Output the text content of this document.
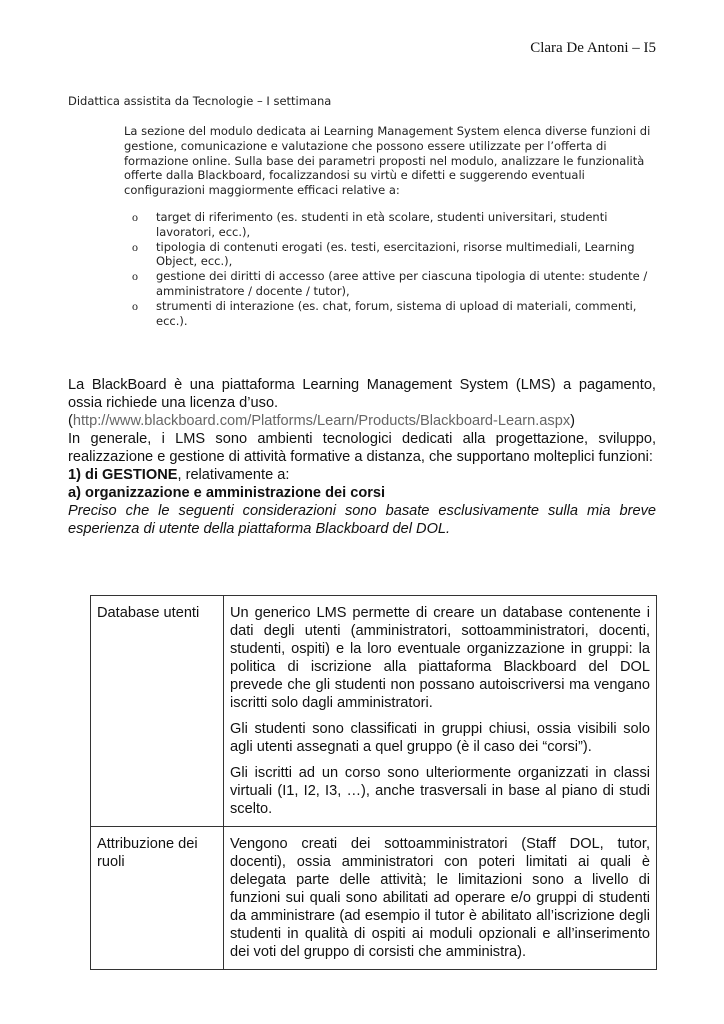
Clara De Antoni – I5
Didattica assistita da Tecnologie – I settimana

La sezione del modulo dedicata ai Learning Management System elenca diverse funzioni di gestione, comunicazione e valutazione che possono essere utilizzate per l’offerta di formazione online. Sulla base dei parametri proposti nel modulo, analizzare le funzionalità offerte dalla Blackboard, focalizzandosi su virtù e difetti e suggerendo eventuali configurazioni maggiormente efficaci relative a:

o target di riferimento (es. studenti in età scolare, studenti universitari, studenti lavoratori, ecc.),
o tipologia di contenuti erogati (es. testi, esercitazioni, risorse multimediali, Learning Object, ecc.),
o gestione dei diritti di accesso (aree attive per ciascuna tipologia di utente: studente / amministratore / docente / tutor),
o strumenti di interazione (es. chat, forum, sistema di upload di materiali, commenti, ecc.).

La BlackBoard è una piattaforma Learning Management System (LMS) a pagamento, ossia richiede una licenza d’uso.

(http://www.blackboard.com/Platforms/Learn/Products/Blackboard-Learn.aspx)

In generale, i LMS sono ambienti tecnologici dedicati alla progettazione, sviluppo, realizzazione e gestione di attività formative a distanza, che supportano molteplici funzioni:

1) di GESTIONE, relativamente a:

a) organizzazione e amministrazione dei corsi

Preciso che le seguenti considerazioni sono basate esclusivamente sulla mia breve esperienza di utente della piattaforma Blackboard del DOL.

Database utenti	Un generico LMS permette di creare un database contenente i dati degli utenti (amministratori, sottoamministratori, docenti, studenti, ospiti) e la loro eventuale organizzazione in gruppi: la politica di iscrizione alla piattaforma Blackboard del DOL prevede che gli studenti non possano autoiscriversi ma vengano iscritti solo dagli amministratori.

Gli studenti sono classificati in gruppi chiusi, ossia visibili solo agli utenti assegnati a quel gruppo (è il caso dei “corsi”).

Gli iscritti ad un corso sono ulteriormente organizzati in classi virtuali (I1, I2, I3, …), anche trasversali in base al piano di studi scelto.

Attribuzione dei ruoli	Vengono creati dei sottoamministratori (Staff DOL, tutor, docenti), ossia amministratori con poteri limitati ai quali è delegata parte delle attività; le limitazioni sono a livello di funzioni sui quali sono abilitati ad operare e/o gruppi di studenti da amministrare (ad esempio il tutor è abilitato all’iscrizione degli studenti in qualità di ospiti ai moduli opzionali e all’inserimento dei voti del gruppo di corsisti che amministra).
